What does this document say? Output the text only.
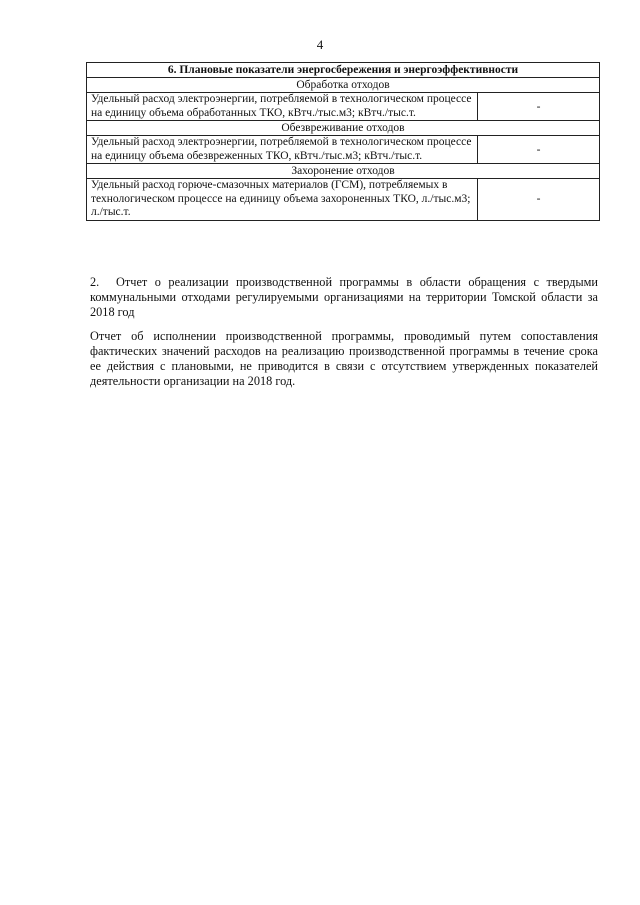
4
6. Плановые показатели энергосбережения и энергоэффективности	
Обработка отходов	
Удельный расход электроэнергии, потребляемой в технологическом процессе на единицу объема обработанных ТКО, кВтч./тыс.м3; кВтч./тыс.т.	-
Обезвреживание отходов	
Удельный расход электроэнергии, потребляемой в технологическом процессе на единицу объема обезвреженных ТКО, кВтч./тыс.м3; кВтч./тыс.т.	-
Захоронение отходов	
Удельный расход горюче-смазочных материалов (ГСМ), потребляемых в технологическом процессе на единицу объема захороненных ТКО, л./тыс.м3; л./тыс.т.	-
2. Отчет о реализации производственной программы в области обращения с твердыми коммунальными отходами регулируемыми организациями на территории Томской области за 2018 год
Отчет об исполнении производственной программы, проводимый путем сопоставления фактических значений расходов на реализацию производственной программы в течение срока ее действия с плановыми, не приводится в связи с отсутствием утвержденных показателей деятельности организации на 2018 год.
